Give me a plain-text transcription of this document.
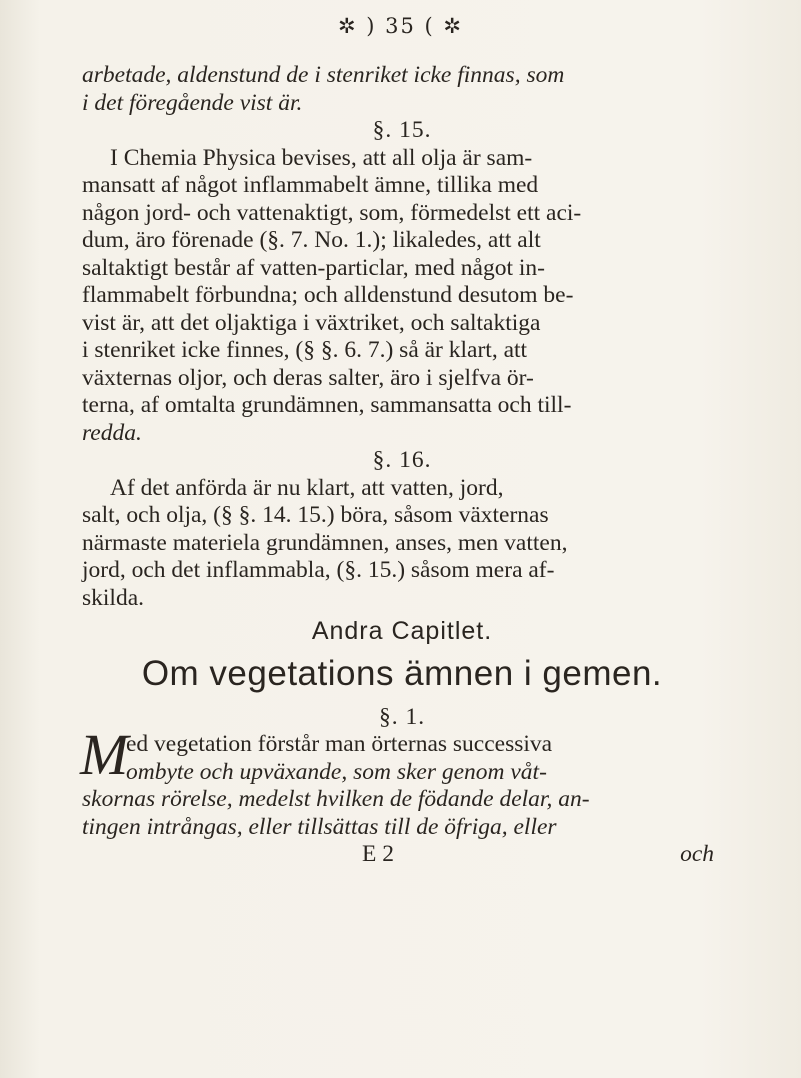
✲ ) 35 ( ✲
arbetade, aldenstund de i stenriket icke finnas, som
i det föregående vist är.
§. 15.
I Chemia Physica bevises, att all olja är sam-
mansatt af något inflammabelt ämne, tillika med
någon jord- och vattenaktigt, som, förmedelst ett aci-
dum, äro förenade (§. 7. No. 1.); likaledes, att alt
saltaktigt består af vatten-particlar, med något in-
flammabelt förbundna; och alldenstund desutom be-
vist är, att det oljaktiga i växtriket, och saltaktiga
i stenriket icke finnes, (§ §. 6. 7.) så är klart, att
växternas oljor, och deras salter, äro i sjelfva ör-
terna, af omtalta grundämnen, sammansatta och till-
redda.
§. 16.
Af det anförda är nu klart, att vatten, jord,
salt, och olja, (§ §. 14. 15.) böra, såsom växternas
närmaste materiela grundämnen, anses, men vatten,
jord, och det inflammabla, (§. 15.) såsom mera af-
skilda.
Andra Capitlet.
Om vegetations ämnen i gemen.
§. 1.
M
ed vegetation förstår man örternas successiva
ombyte och upväxande, som sker genom våt-
skornas rörelse, medelst hvilken de födande delar, an-
tingen intrångas, eller tillsättas till de öfriga, eller
E 2	och
